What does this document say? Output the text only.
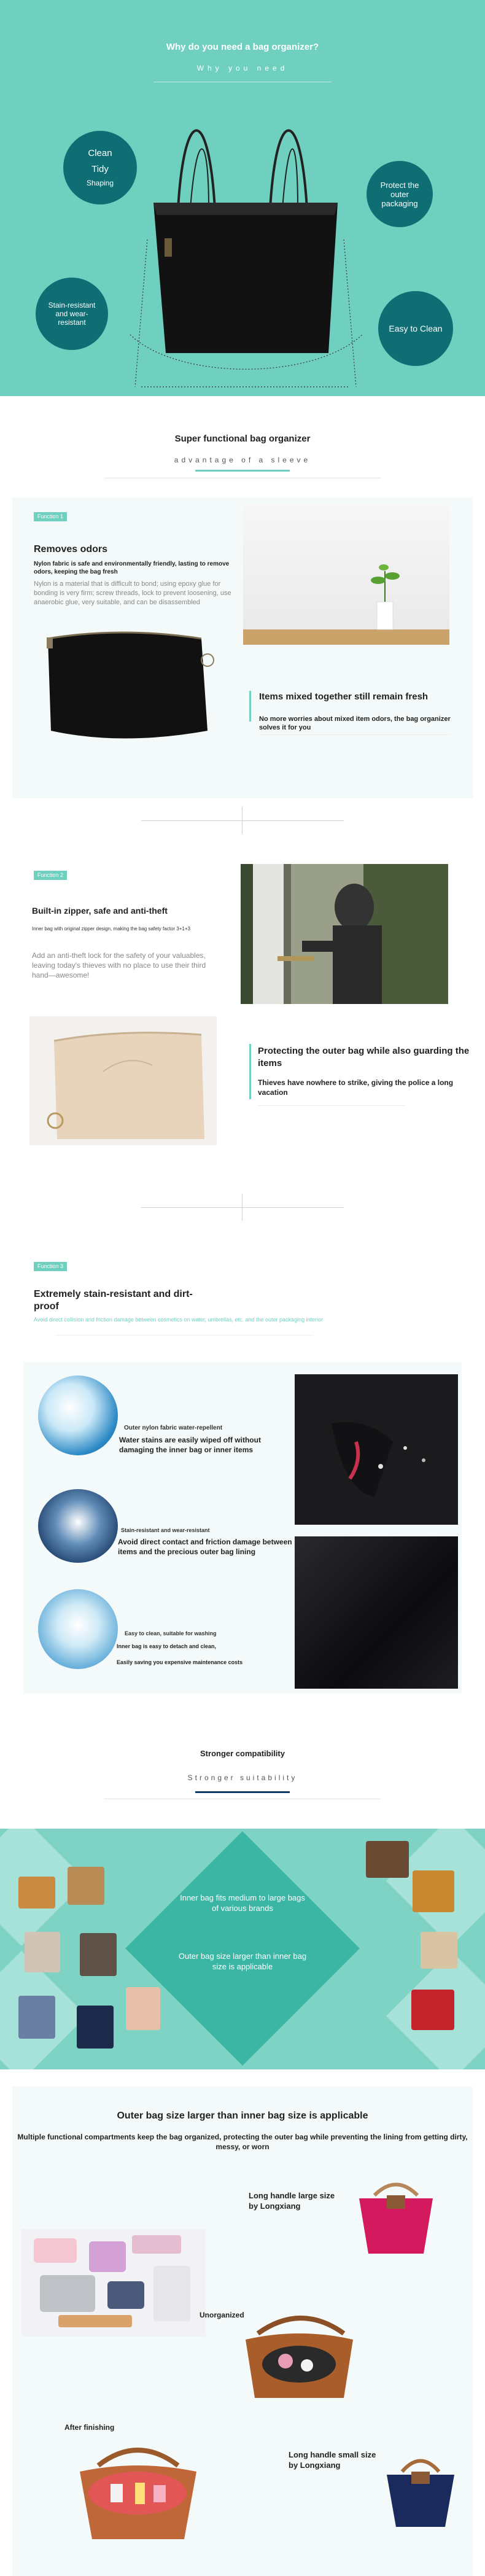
Why do you need a bag organizer?
Why you need
Clean
Tidy
Shaping	Protect the outer packaging
Stain-resistant and wear-resistant
Easy to Clean
Super functional bag organizer
advantage of a sleeve
Function 1
Removes odors
Nylon fabric is safe and environmentally friendly, lasting to remove odors, keeping the bag fresh
Nylon is a material that is difficult to bond; using epoxy glue for bonding is very firm; screw threads, lock to prevent loosening, use anaerobic glue, very suitable, and can be disassembled
Items mixed together still remain fresh
No more worries about mixed item odors, the bag organizer solves it for you
Function 2
Built-in zipper, safe and anti-theft
Inner bag with original zipper design, making the bag safety factor 3+1+3
Add an anti-theft lock for the safety of your valuables, leaving today's thieves with no place to use their third hand—awesome!
Protecting the outer bag while also guarding the items
Thieves have nowhere to strike, giving the police a long vacation
Function 3
Extremely stain-resistant and dirt-proof
Avoid direct collision and friction damage between cosmetics on water, umbrellas, etc. and the outer packaging interior
Outer nylon fabric water-repellent
Water stains are easily wiped off without damaging the inner bag or inner items
Stain-resistant and wear-resistant
Avoid direct contact and friction damage between items and the precious outer bag lining
Easy to clean, suitable for washing
Inner bag is easy to detach and clean,
Easily saving you expensive maintenance costs
Stronger compatibility
Stronger suitability
Inner bag fits medium to large bags of various brands
Outer bag size larger than inner bag size is applicable
Outer bag size larger than inner bag size is applicable
Multiple functional compartments keep the bag organized, protecting the outer bag while preventing the lining from getting dirty, messy, or worn
Long handle large size by Longxiang
Unorganized
After finishing
Long handle small size by Longxiang
